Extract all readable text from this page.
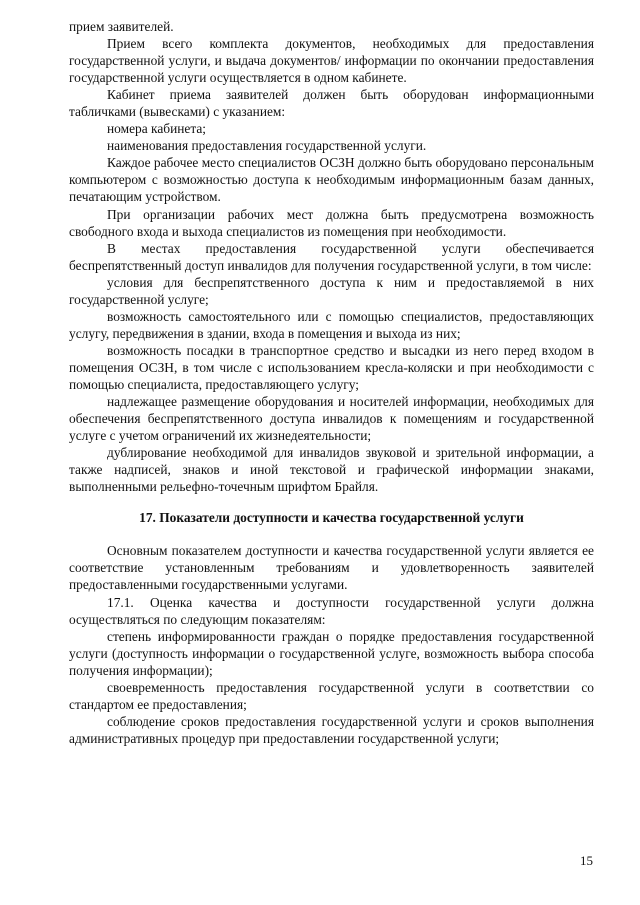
прием заявителей.

Прием всего комплекта документов, необходимых для предоставления государственной услуги, и выдача документов/ информации по окончании предоставления государственной услуги осуществляется в одном кабинете.

Кабинет приема заявителей должен быть оборудован информационными табличками (вывесками) с указанием:

номера кабинета;

наименования предоставления государственной услуги.

Каждое рабочее место специалистов ОСЗН должно быть оборудовано персональным компьютером с возможностью доступа к необходимым информационным базам данных, печатающим устройством.

При организации рабочих мест должна быть предусмотрена возможность свободного входа и выхода специалистов из помещения при необходимости.

В местах предоставления государственной услуги обеспечивается беспрепятственный доступ инвалидов для получения государственной услуги, в том числе:

условия для беспрепятственного доступа к ним и предоставляемой в них государственной услуге;

возможность самостоятельного или с помощью специалистов, предоставляющих услугу, передвижения в здании, входа в помещения и выхода из них;

возможность посадки в транспортное средство и высадки из него перед входом в помещения ОСЗН, в том числе с использованием кресла-коляски и при необходимости с помощью специалиста, предоставляющего услугу;

надлежащее размещение оборудования и носителей информации, необходимых для обеспечения беспрепятственного доступа инвалидов к помещениям и государственной услуге с учетом ограничений их жизнедеятельности;

дублирование необходимой для инвалидов звуковой и зрительной информации, а также надписей, знаков и иной текстовой и графической информации знаками, выполненными рельефно-точечным шрифтом Брайля.

17. Показатели доступности и качества государственной услуги

Основным показателем доступности и качества государственной услуги является ее соответствие установленным требованиям и удовлетворенность заявителей предоставленными государственными услугами.

17.1. Оценка качества и доступности государственной услуги должна осуществляться по следующим показателям:

степень информированности граждан о порядке предоставления государственной услуги (доступность информации о государственной услуге, возможность выбора способа получения информации);

своевременность предоставления государственной услуги в соответствии со стандартом ее предоставления;

соблюдение сроков предоставления государственной услуги и сроков выполнения административных процедур при предоставлении государственной услуги;

15
